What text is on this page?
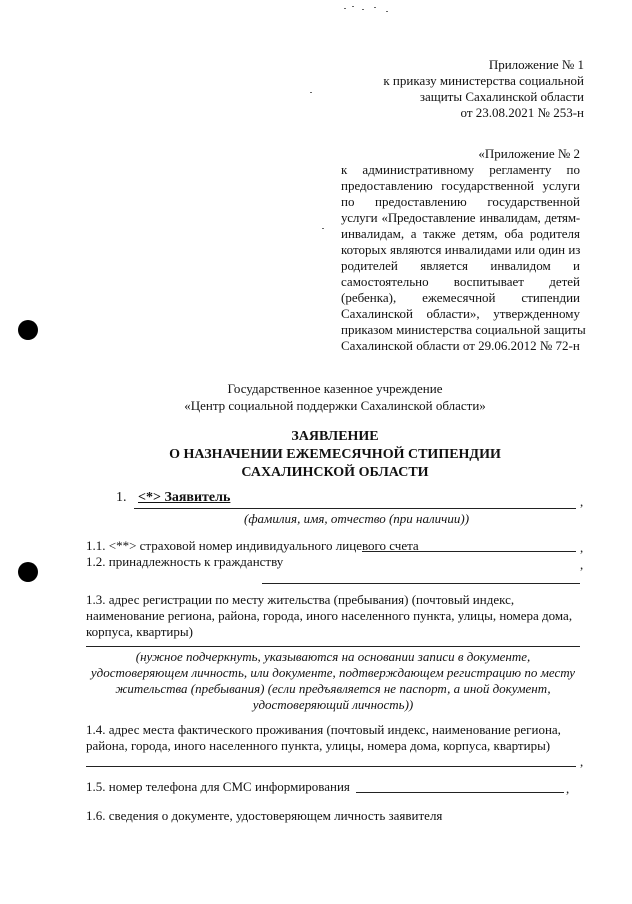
Приложение № 1
к приказу министерства социальной
защиты Сахалинской области
от 23.08.2021 № 253-н
«Приложение № 2
к административному регламенту по
предоставлению государственной услуги
по предоставлению государственной
услуги «Предоставление инвалидам, детям-
инвалидам, а также детям, оба родителя
которых являются инвалидами или один из
родителей является инвалидом и
самостоятельно воспитывает детей
(ребенка), ежемесячной стипендии
Сахалинской области», утвержденному
приказом министерства социальной защиты
Сахалинской области от 29.06.2012 № 72-н
Государственное казенное учреждение
«Центр социальной поддержки Сахалинской области»
ЗАЯВЛЕНИЕ
О НАЗНАЧЕНИИ ЕЖЕМЕСЯЧНОЙ СТИПЕНДИИ
САХАЛИНСКОЙ ОБЛАСТИ
1. <*> Заявитель	,
(фамилия, имя, отчество (при наличии))
1.1. <**> страховой номер индивидуального лицевого счета	,
1.2. принадлежность к гражданству	,
1.3. адрес регистрации по месту жительства (пребывания) (почтовый индекс, наименование региона, района, города, иного населенного пункта, улицы, номера дома, корпуса, квартиры)
(нужное подчеркнуть, указываются на основании записи в документе, удостоверяющем личность, или документе, подтверждающем регистрацию по месту жительства (пребывания) (если предъявляется не паспорт, а иной документ, удостоверяющий личность))
1.4. адрес места фактического проживания (почтовый индекс, наименование региона, района, города, иного населенного пункта, улицы, номера дома, корпуса, квартиры)
,
1.5. номер телефона для СМС информирования	,
1.6. сведения о документе, удостоверяющем личность заявителя
